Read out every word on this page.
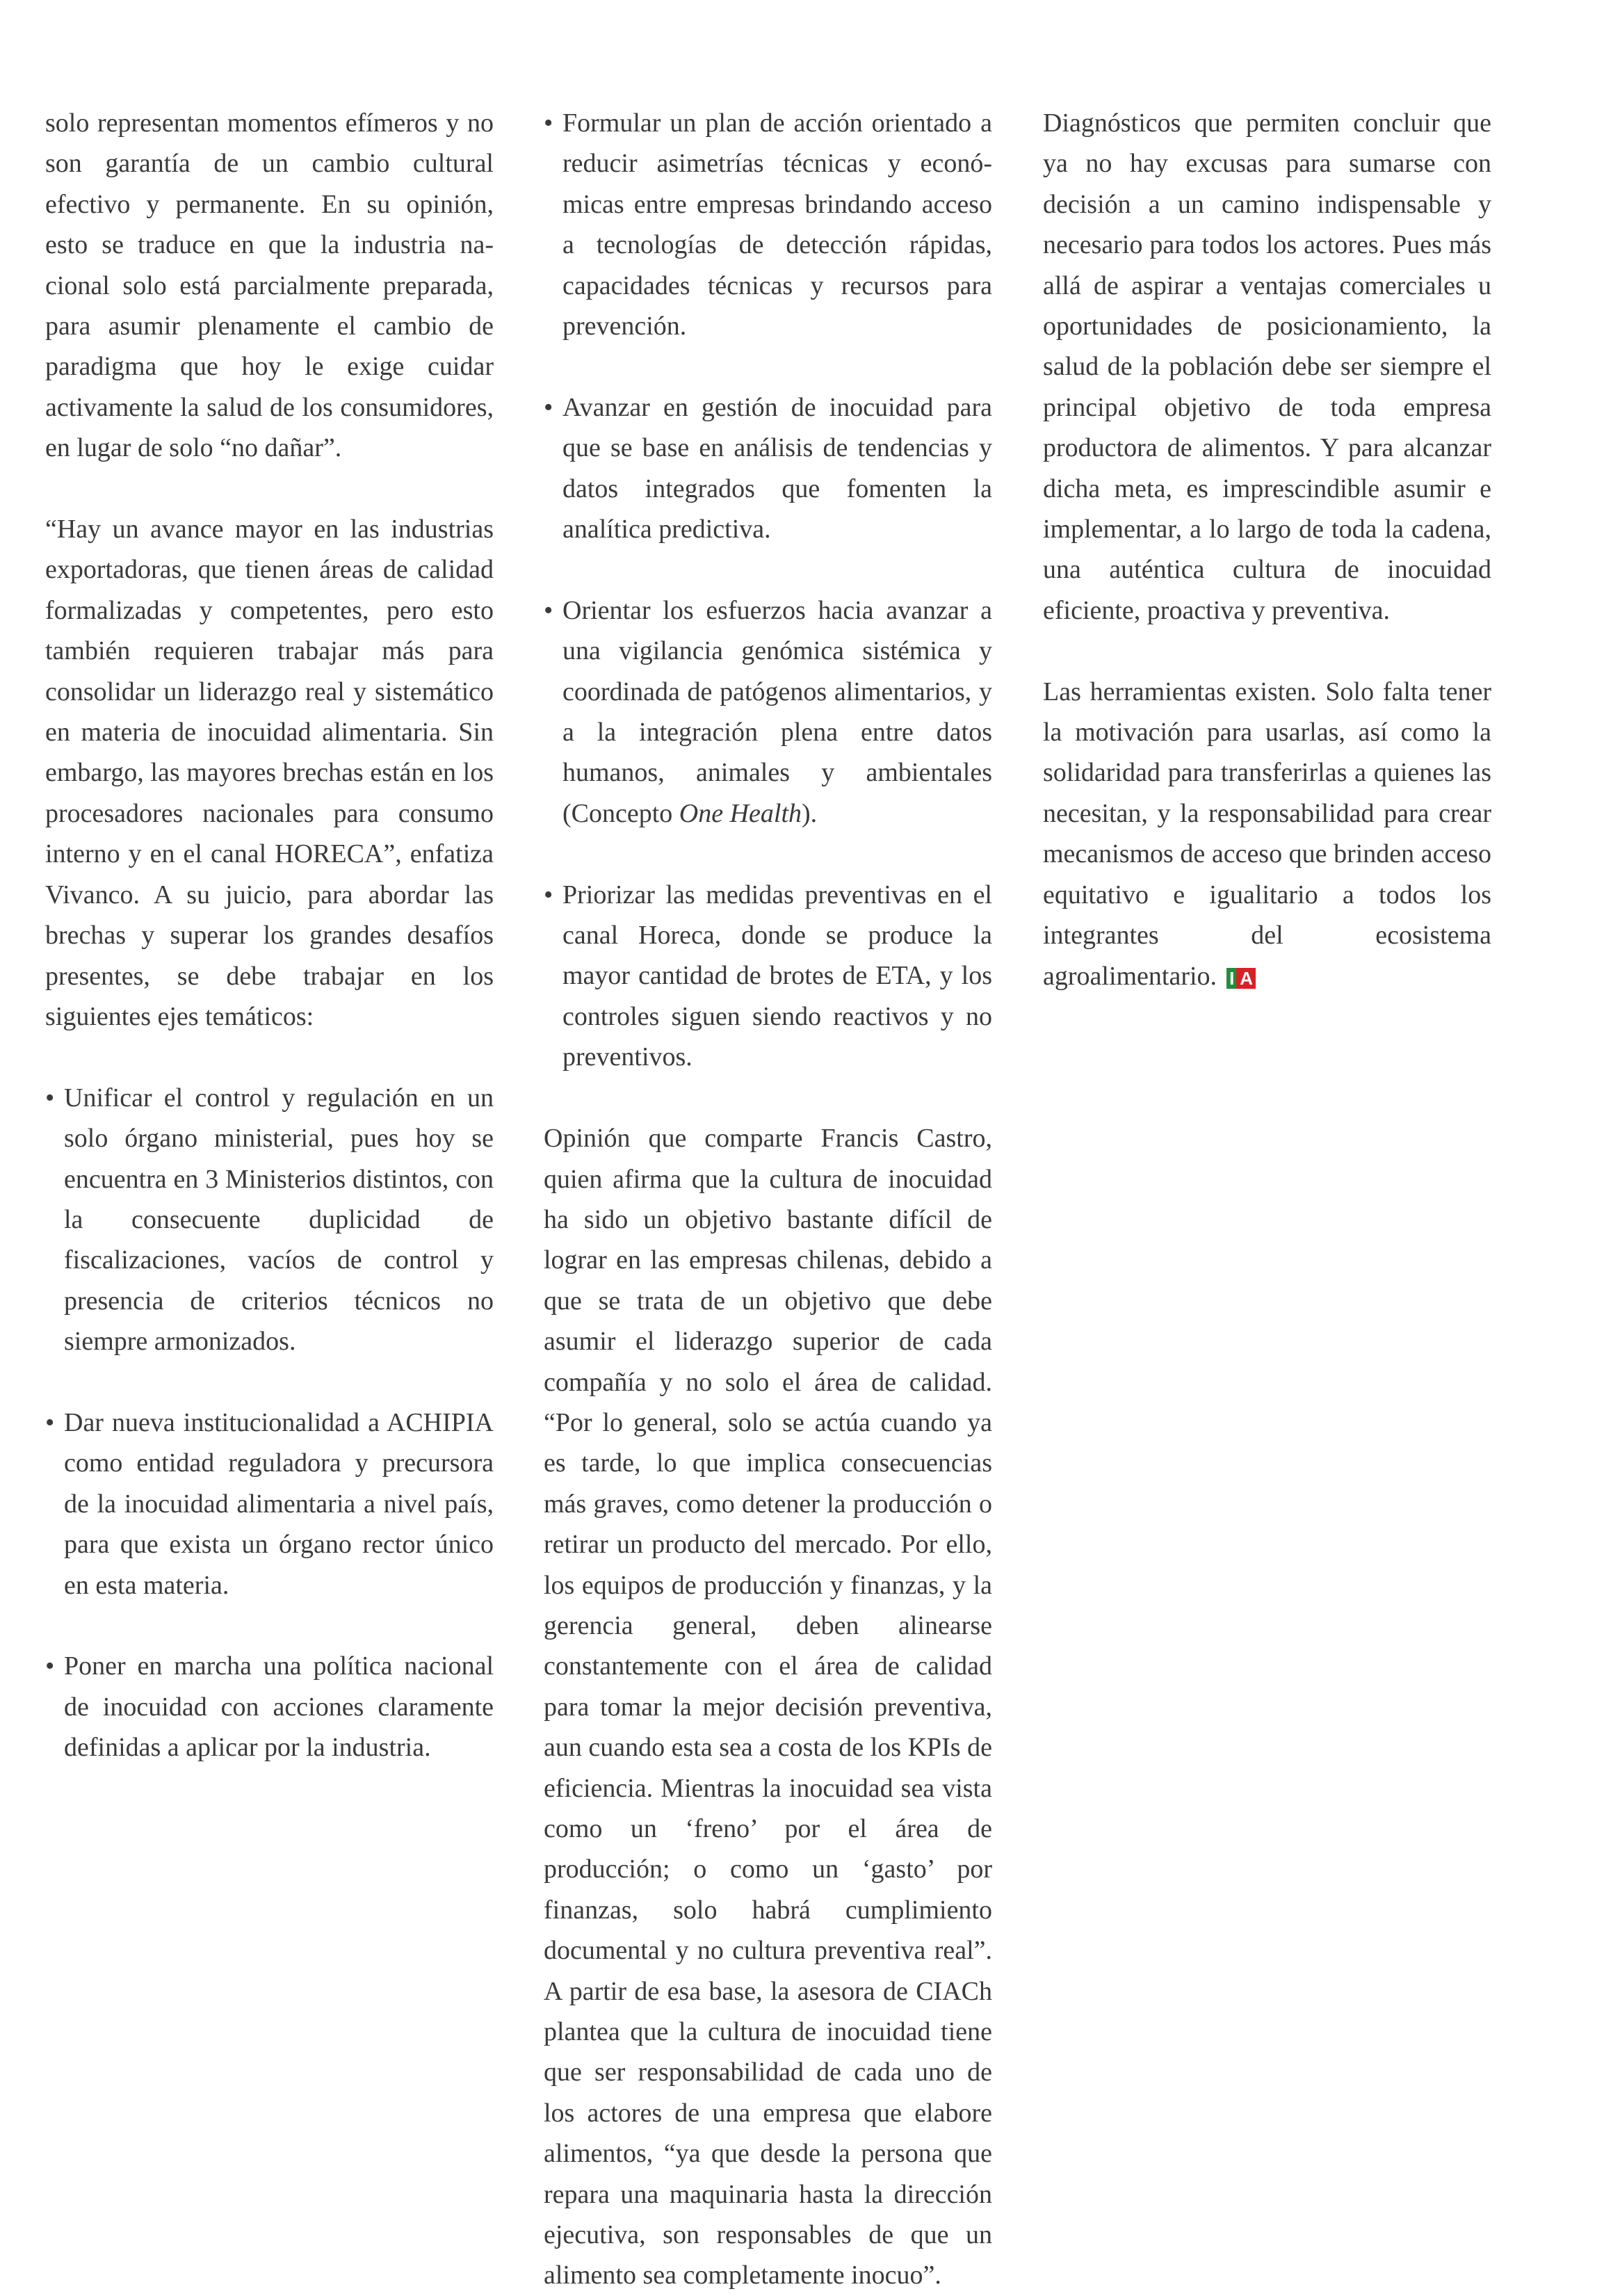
solo representan momentos efímeros y no son garantía de un cambio cultural efectivo y permanente. En su opinión, esto se traduce en que la industria nacional solo está parcialmente preparada, para asumir plenamente el cambio de paradigma que hoy le exige cuidar activamente la salud de los consumidores, en lugar de solo “no dañar”.

“Hay un avance mayor en las industrias exportadoras, que tienen áreas de calidad formalizadas y competentes, pero esto también requieren trabajar más para consolidar un liderazgo real y sistemático en materia de inocuidad alimentaria. Sin embargo, las mayores brechas están en los procesadores nacionales para consumo interno y en el canal HORECA”, enfatiza Vivanco. A su juicio, para abordar las brechas y superar los grandes desafíos presentes, se debe trabajar en los siguientes ejes temáticos:

• Unificar el control y regulación en un solo órgano ministerial, pues hoy se encuentra en 3 Ministerios distintos, con la consecuente duplicidad de fiscalizaciones, vacíos de control y presencia de criterios técnicos no siempre armonizados.
• Dar nueva institucionalidad a ACHIPIA como entidad reguladora y precursora de la inocuidad alimentaria a nivel país, para que exista un órgano rector único en esta materia.
• Poner en marcha una política nacional de inocuidad con acciones claramente definidas a aplicar por la industria.
• Formular un plan de acción orientado a reducir asimetrías técnicas y económicas entre empresas brindando acceso a tecnologías de detección rápidas, capacidades técnicas y recursos para prevención.
• Avanzar en gestión de inocuidad para que se base en análisis de tendencias y datos integrados que fomenten la analítica predictiva.
• Orientar los esfuerzos hacia avanzar a una vigilancia genómica sistémica y coordinada de patógenos alimentarios, y a la integración plena entre datos humanos, animales y ambientales (Concepto One Health).
• Priorizar las medidas preventivas en el canal Horeca, donde se produce la mayor cantidad de brotes de ETA, y los controles siguen siendo reactivos y no preventivos.

Opinión que comparte Francis Castro, quien afirma que la cultura de inocuidad ha sido un objetivo bastante difícil de lograr en las empresas chilenas, debido a que se trata de un objetivo que debe asumir el liderazgo superior de cada compañía y no solo el área de calidad. “Por lo general, solo se actúa cuando ya es tarde, lo que implica consecuencias más graves, como detener la producción o retirar un producto del mercado. Por ello, los equipos de producción y finanzas, y la gerencia general, deben alinearse constantemente con el área de calidad para tomar la mejor decisión preventiva, aun cuando esta sea a costa de los KPIs de eficiencia. Mientras la inocuidad sea vista como un ‘freno’ por el área de producción; o como un ‘gasto’ por finanzas, solo habrá cumplimiento documental y no cultura preventiva real”. A partir de esa base, la asesora de CIACh plantea que la cultura de inocuidad tiene que ser responsabilidad de cada uno de los actores de una empresa que elabore alimentos, “ya que desde la persona que repara una maquinaria hasta la dirección ejecutiva, son responsables de que un alimento sea completamente inocuo”.

Diagnósticos que permiten concluir que ya no hay excusas para sumarse con decisión a un camino indispensable y necesario para todos los actores. Pues más allá de aspirar a ventajas comerciales u oportunidades de posicionamiento, la salud de la población debe ser siempre el principal objetivo de toda empresa productora de alimentos. Y para alcanzar dicha meta, es imprescindible asumir e implementar, a lo largo de toda la cadena, una auténtica cultura de inocuidad eficiente, proactiva y preventiva.

Las herramientas existen. Solo falta tener la motivación para usarlas, así como la solidaridad para transferirlas a quienes las necesitan, y la responsabilidad para crear mecanismos de acceso que brinden acceso equitativo e igualitario a todos los integrantes del ecosistema agroalimentario. I A
